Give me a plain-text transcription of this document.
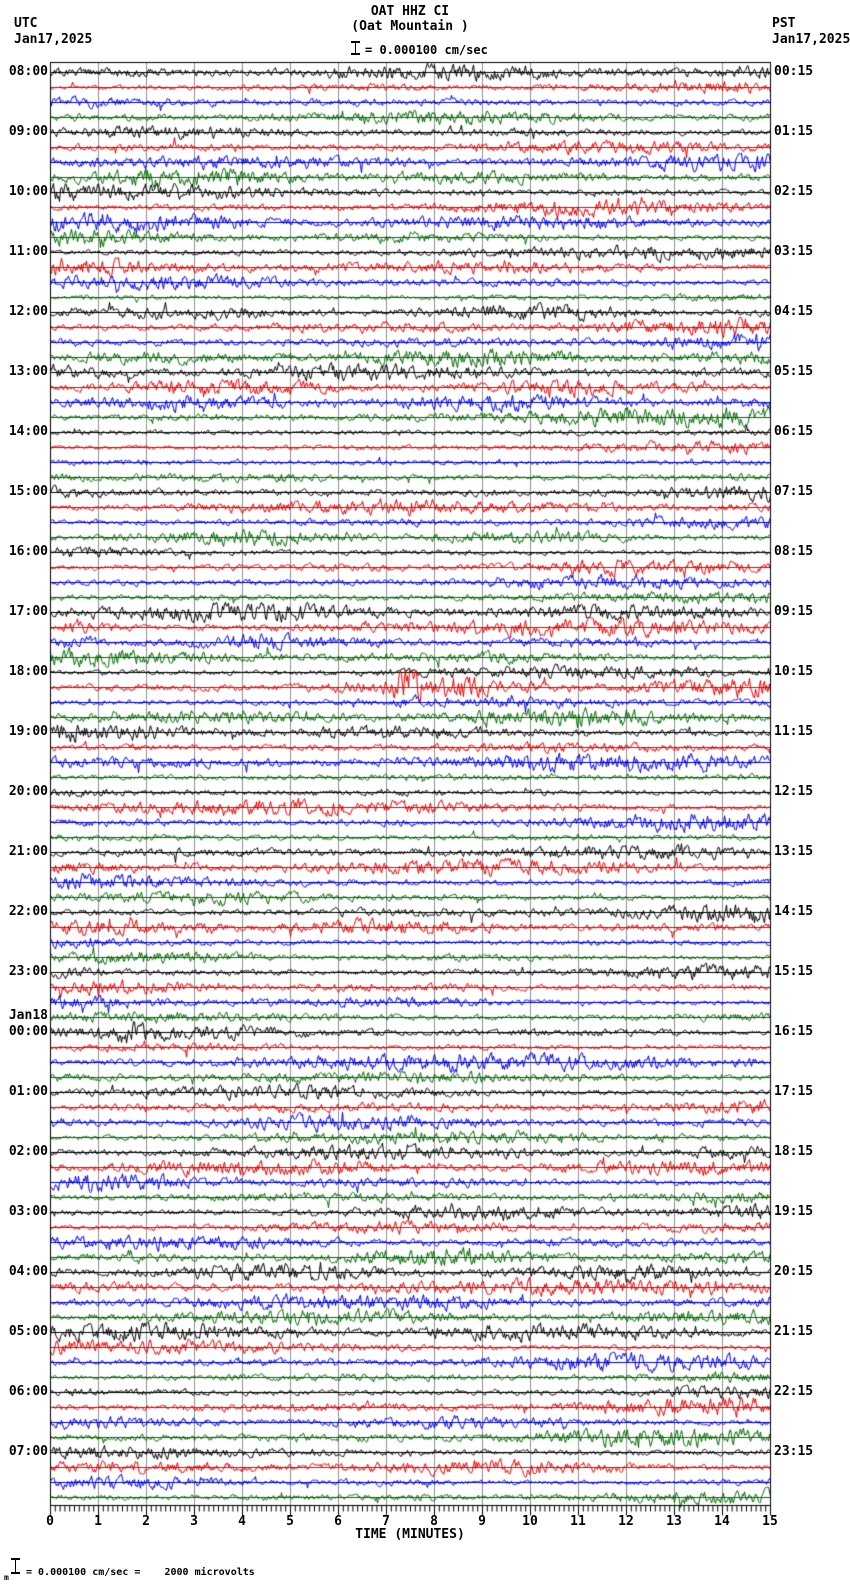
OAT HHZ CI
(Oat Mountain )
UTC
Jan17,2025
PST
Jan17,2025
= 0.000100 cm/sec
08:00	00:15
09:00	01:15
10:00	02:15
11:00	03:15
12:00	04:15
13:00	05:15
14:00	06:15
15:00	07:15
16:00	08:15
17:00	09:15
18:00	10:15
19:00	11:15
20:00	12:15
21:00	13:15
22:00	14:15
23:00	15:15
00:00	16:15
Jan18
01:00	17:15
02:00	18:15
03:00	19:15
04:00	20:15
05:00	21:15
06:00	22:15
07:00	23:15
0	1	2	3	4	5	6	7	8	9	10	11	12	13	14	15
TIME (MINUTES)
m = 0.000100 cm/sec =    2000 microvolts
